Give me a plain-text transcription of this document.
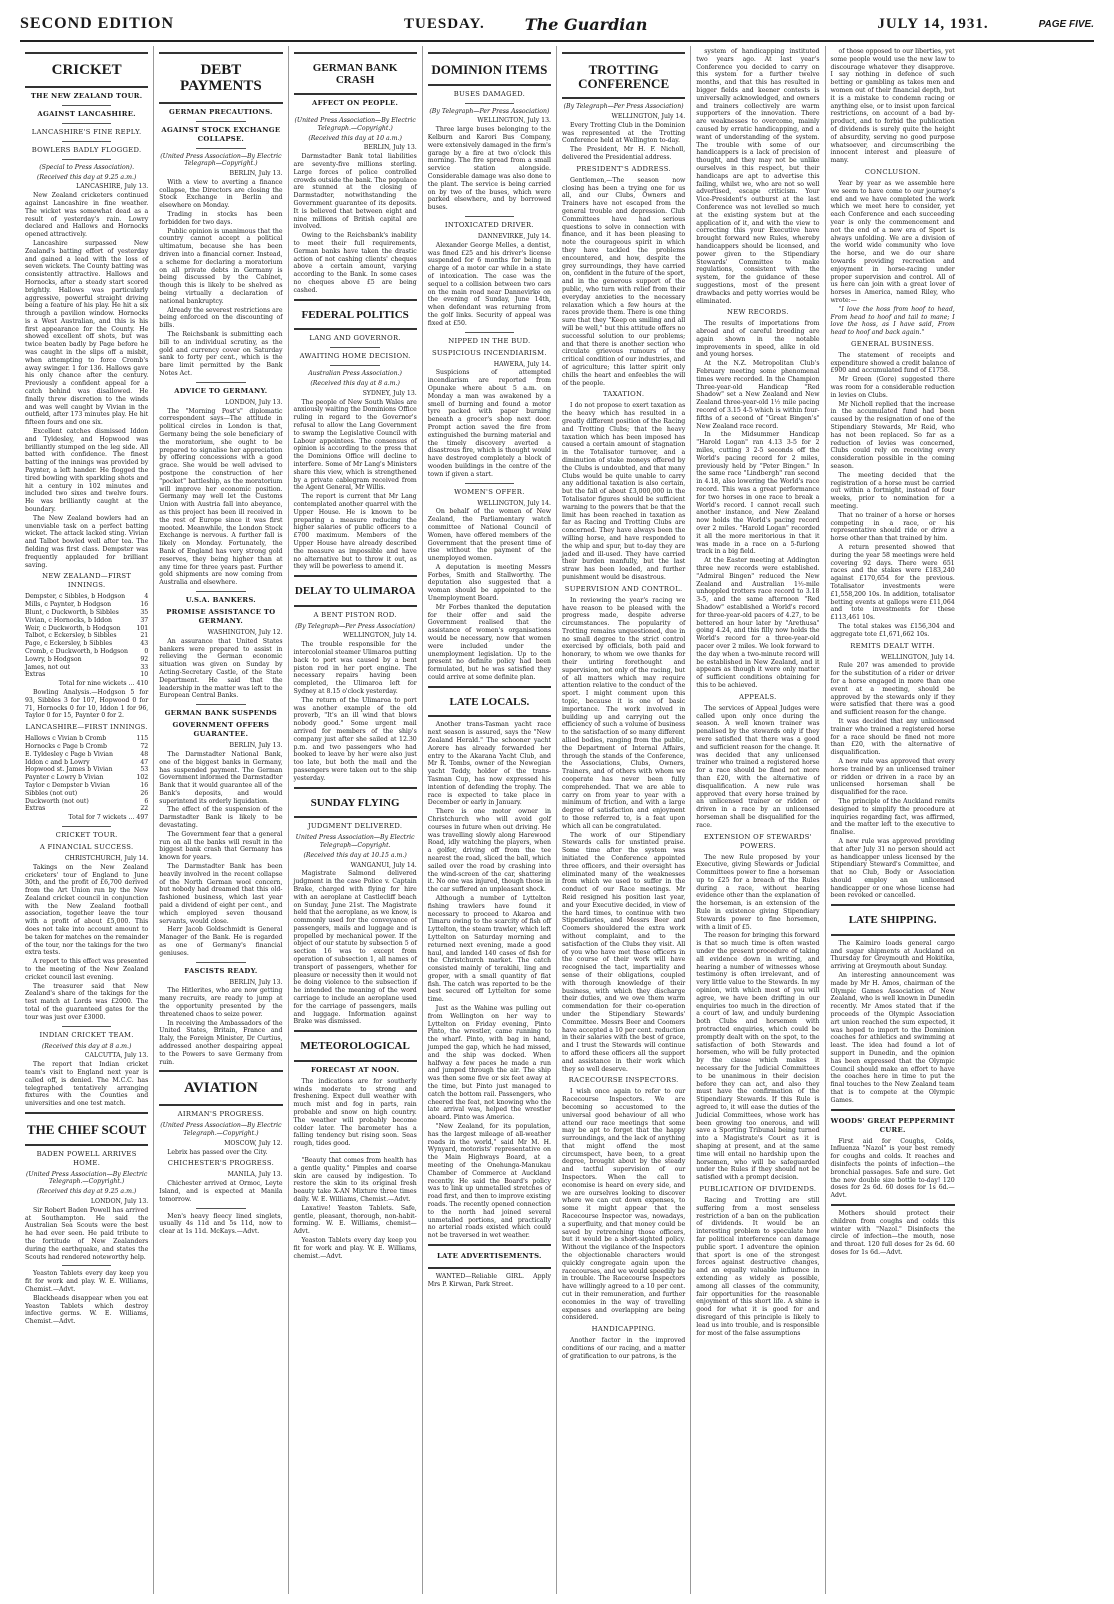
SECOND EDITION	TUESDAY.	The Guardian	JULY 14, 1931.	PAGE FIVE.
CRICKET
THE NEW ZEALAND TOUR.
AGAINST LANCASHIRE.
LANCASHIRE'S FINE REPLY.
BOWLERS BADLY FLOGGED.
(Special to Press Association).
(Received this day at 9.25 a.m.)
LANCASHIRE, July 13.

New Zealand cricketers continued against Lancashire in fine weather. The wicket was somewhat dead as a result of yesterday's rain. Lowry declared and Hallows and Hornocks opened attractively.

Lancashire surpassed New Zealand's batting effort of yesterday and gained a lead with the loss of seven wickets. The County batting was consistently attractive. Hallows and Hornocks, after a steady start scored brightly. Hallows was particularly aggressive, powerful straight driving being a feature of his play. He hit a six through a pavilion window. Hornocks is a West Australian, and this is his first appearance for the County. He showed excellent off shots, but was twice beaten badly by Page before he was caught in the slips off a misbit, when attempting to force Cromb's away swinger. 1 for 136. Hallows gave his only chance after the century. Previously a confident appeal for a catch behind was disallowed. He finally threw discretion to the winds and was well caught by Vivian in the outfield, after 173 minutes play. He hit fifteen fours and one six.

Excellent catches dismissed Iddon and Tyldesley, and Hopwood was brilliantly stumped on the leg side. All batted with confidence. The finest batting of the innings was provided by Paynter, a left hander. He flogged the tired bowling with sparkling shots and hit a century in 102 minutes and included two sixes and twelve fours. He was brilliantly caught at the boundary.

The New Zealand bowlers had an unenviable task on a perfect batting wicket. The attack lacked sting. Vivian and Talbot bowled well after tea. The fielding was first class. Dempster was frequently applauded for brilliant saving.

NEW ZEALAND—FIRST INNINGS.
Dempster, c Sibbles, b Hodgson	4
Mills, c Paynter, b Hodgson	16
Blunt, c Duckworth, b Sibbles	35
Vivian, c Hornocks, b Iddon	37
Weir, c Duckworth, b Hodgson	101
Talbot, c Eckersley, b Sibbles	21
Page, c Eckersley, b Sibbles	43
Cromb, c Duckworth, b Hodgson	0
Lowry, b Hodgson	92
James, not out	33
Extras	10
Total for nine wickets ... 410

Bowling Analysis.—Hodgson 5 for 93, Sibbles 3 for 107, Hopwood 0 for 71, Hornocks 0 for 10, Iddon 1 for 96, Taylor 0 for 15, Paynter 0 for 2.

LANCASHIRE—FIRST INNINGS.
Hallows c Vivian b Cromb	115
Hornocks c Page b Cromb	72
E. Tyldesley c Page b Vivian	48
Iddon c and b Lowry	47
Hopwood st. James b Vivian	53
Paynter c Lowry b Vivian	102
Taylor c Dempster b Vivian	16
Sibbles (not out)	26
Duckworth (not out)	6
Extras	22
Total for 7 wickets ... 497
CRICKET TOUR.
A FINANCIAL SUCCESS.
CHRISTCHURCH, July 14.

Takings on the New Zealand cricketers' tour of England to June 30th, and the profit of £6,700 derived from the Art Union run by the New Zealand cricket council in conjunction with the New Zealand football association, together leave the tour with a profit of about £5,000. This does not take into account amount to be taken for matches on the remainder of the tour, nor the takings for the two extra tests.

A report to this effect was presented to the meeting of the New Zealand cricket council last evening.

The treasurer said that New Zealand's share of the takings for the test match at Lords was £2000. The total of the guaranteed gates for the tour was just over £3000.

INDIAN CRICKET TEAM.
(Received this day at 8 a.m.)
CALCUTTA, July 13.

The report that Indian cricket team's visit to England next year is called off, is denied. The M.C.C. has telegraphed tentatively arranging fixtures with the Counties and universities and one test match.

THE CHIEF SCOUT
BADEN POWELL ARRIVES HOME.
(United Press Association—By Electric Telegraph.—Copyright.)
(Received this day at 9.25 a.m.)
LONDON, July 13.

Sir Robert Baden Powell has arrived at Southampton. He said the Australian Sea Scouts were the best he had ever seen. He paid tribute to the fortitude of New Zealanders during the earthquake, and states the Scouts had rendered noteworthy help.

Yeaston Tablets every day keep you fit for work and play. W. E. Williams, Chemist.—Advt.

Blackheads disappear when you eat Yeaston Tablets which destroy infective germs. W. E. Williams, Chemist.—Advt.

DEBT PAYMENTS
GERMAN PRECAUTIONS.
AGAINST STOCK EXCHANGE COLLAPSE.
(United Press Association—By Electric Telegraph—Copyright.)
BERLIN, July 13.

With a view to averting a finance collapse, the Directors are closing the Stock Exchange in Berlin and elsewhere on Monday.

Trading in stocks has been forbidden for two days.

Public opinion is unanimous that the country cannot accept a political ultimatum, because she has been driven into a financial corner. Instead, a scheme for declaring a moratorium on all private debts in Germany is being discussed by the Cabinet, though this is likely to be shelved as being virtually a declaration of national bankruptcy.

Already the severest restrictions are being enforced on the discounting of bills.

The Reichsbank is submitting each bill to an individual scrutiny, as the gold and currency cover on Saturday sank to forty per cent., which is the bare limit permitted by the Bank Notes Act.

ADVICE TO GERMANY.
LONDON, July 13.

The "Morning Post's" diplomatic correspondent says—The attitude in political circles in London is that, Germany being the sole beneficiary of the moratorium, she ought to be prepared to signalise her appreciation by offering concessions with a good grace. She would be well advised to postpone the construction of her "pocket" battleship, as the moratorium will improve her economic position. Germany may well let the Customs Union with Austria fall into abeyance, as this project has been ill received in the rest of Europe since it was first mooted. Meanwhile, the London Stock Exchange is nervous. A further fall is likely on Monday. Fortunately, the Bank of England has very strong gold reserves, they being higher than at any time for three years past. Further gold shipments are now coming from Australia and elsewhere.

U.S.A. BANKERS.
PROMISE ASSISTANCE TO GERMANY.
WASHINGTON, July 12.

An assurance that United States bankers were prepared to assist in relieving the German economic situation was given on Sunday by Acting-Secretary Castle, of the State Department. He said that the leadership in the matter was left to the European Central Banks.

GERMAN BANK SUSPENDS
GOVERNMENT OFFERS GUARANTEE.
BERLIN, July 13.

The Darmstadter National Bank, one of the biggest banks in Germany, has suspended payment. The German Government informed the Darmstadter Bank that it would guarantee all of the Bank's deposits, and would superintend its orderly liquidation.

The effect of the suspension of the Darmstadter Bank is likely to be devastating.

The Government fear that a general run on all the banks will result in the biggest bank crash that Germany has known for years.

The Darmstadter Bank has been heavily involved in the recent collapse of the North German wool concern, but nobody had dreamed that this old-fashioned business, which last year paid a dividend of eight per cent., and which employed seven thousand servants, would close.

Herr Jacob Goldschmidt is General Manager of the Bank. He is regarded as one of Germany's financial geniuses.

FASCISTS READY.
BERLIN, July 13.

The Hitlerites, who are now getting many recruits, are ready to jump at the opportunity presented by the threatened chaos to seize power.

In receiving the Ambassadors of the United States, Britain, France and Italy, the Foreign Minister, Dr Curtius, addressed another despairing appeal to the Powers to save Germany from ruin.

AVIATION
AIRMAN'S PROGRESS.
(United Press Association—By Electric Telegraph.—Copyright.)
MOSCOW, July 12.

Lebrix has passed over the City.

CHICHESTER'S PROGRESS.
MANILA, July 13.

Chichester arrived at Ormoc, Leyte Island, and is expected at Manila tomorrow.

Men's heavy fleecy lined singlets, usually 4s 11d and 5s 11d, now to clear at 1s 11d. McKays.—Advt.

GERMAN BANK CRASH
AFFECT ON PEOPLE.
(United Press Association—By Electric Telegraph.—Copyright.)
(Received this day at 10 a.m.)
BERLIN, July 13.

Darmstadter Bank total liabilities are seventy-five millions sterling. Large forces of police controlled crowds outside the bank. The populace are stunned at the closing of Darmstadter, notwithstanding the Government guarantee of its deposits. It is believed that between eight and nine millions of British capital are involved.

Owing to the Reichsbank's inability to meet their full requirements, German banks have taken the drastic action of not cashing clients' cheques above a certain amount, varying according to the Bank. In some cases no cheques above £5 are being cashed.

FEDERAL POLITICS
LANG AND GOVERNOR.
AWAITING HOME DECISION.
Australian Press Association.)
(Received this day at 8 a.m.)
SYDNEY, July 13.

The people of New South Wales are anxiously waiting the Dominions Office ruling in regard to the Governor's refusal to allow the Lang Government to swamp the Legislative Council with Labour appointees. The consensus of opinion is according to the press that the Dominions Office will decline to interfere. Some of Mr Lang's Ministers share this view, which is strengthened by a private cablegram received from the Agent General, Mr Willis.

The report is current that Mr Lang contemplated another quarrel with the Upper House. He is known to be preparing a measure reducing the higher salaries of public officers to a £700 maximum. Members of the Upper House have already described the measure as impossible and have no alternative but to throw it out, as they will be powerless to amend it.

DELAY TO ULIMAROA
A BENT PISTON ROD.
(By Telegraph—Per Press Association)
WELLINGTON, July 14.

The trouble responsible for the intercolonial steamer Ulimaroa putting back to port was caused by a bent piston rod in her port engine. The necessary repairs having been completed, the Ulimaroa left for Sydney at 8.15 o'clock yesterday.

The return of the Ulimaroa to port was another example of the old proverb, "It's an ill wind that blows nobody good." Some urgent mail arrived for members of the ship's company just after she sailed at 12.30 p.m. and two passengers who had booked to leave by her were also just too late, but both the mail and the passengers were taken out to the ship yesterday.

SUNDAY FLYING
JUDGMENT DELIVERED.
United Press Association—By Electric Telegraph—Copyright.
(Received this day at 10.15 a.m.)
WANGANUI, July 14.

Magistrate Salmond delivered judgment in the case Police v. Captain Brake, charged with flying for hire with an aeroplane at Castlecliff beach on Sunday, June 21st. The Magistrate held that the aeroplane, as we know, is commonly used for the conveyance of passengers, mails and luggage and is propelled by mechanical power. If the object of our statute by subsection 5 of section 16 was to except from operation of subsection 1, all names of transport of passengers, whether for pleasure or necessity then it would not be doing violence to the subsection if he intended the meaning of the word carriage to include an aeroplane used for the carriage of passengers, mails and luggage. Information against Brake was dismissed.

METEOROLOGICAL
FORECAST AT NOON.

The indications are for southerly winds moderate to strong and freshening. Expect dull weather with much mist and fog in parts, rain probable and snow on high country. The weather will probably become colder later. The barometer has a falling tendency but rising soon. Seas rough, tides good.

"Beauty that comes from health has a gentle quality." Pimples and coarse skin are caused by indigestion. To restore the skin to its original fresh beauty take X-AN Mixture three times daily. W. E. Williams, Chemist.—Advt.

Laxative! Yeaston Tablets. Safe, gentle, pleasant, thorough, non-habit-forming. W. E. Williams, chemist—Advt.

Yeaston Tablets every day keep you fit for work and play. W. E. Williams, chemist.—Advt.

DOMINION ITEMS
BUSES DAMAGED.
(By Telegraph—Per Press Association)
WELLINGTON, July 13.

Three large buses belonging to the Kelburn and Karori Bus Company, were extensively damaged in the firm's garage by a fire at two o'clock this morning. The fire spread from a small service station alongside. Considerable damage was also done to the plant. The service is being carried on by two of the buses, which were parked elsewhere, and by borrowed buses.

INTOXICATED DRIVER.
DANNEVIRKE, July 14.

Alexander George Melles, a dentist, was fined £25 and his driver's license suspended for 6 months for being in charge of a motor car while in a state of intoxication. The case was the sequel to a collision between two cars on the main road near Dannevirke on the evening of Sunday, June 14th, when defendant was returning from the golf links. Security of appeal was fixed at £50.

NIPPED IN THE BUD.
SUSPICIOUS INCENDIARISM.
HAWERA, July 14.

Suspicions of attempted incendiarism are reported from Opunake where about 5 a.m. on Monday a man was awakened by a smell of burning and found a motor tyre packed with paper burning beneath a grocer's shop next door. Prompt action saved the fire from extinguished the burning material and the timely discovery averted a disastrous fire, which is thought would have destroyed completely a block of wooden buildings in the centre of the town if given a start.

WOMEN'S OFFER.
WELLINGTON, July 14.

On behalf of the women of New Zealand, the Parliamentary watch committee of National Council of Women, have offered members of the Government that the present time of rise without the payment of the unemployed women.

A deputation is meeting Messrs Forbes, Smith and Stallworthy. The deputation also suggested that a woman should be appointed to the Unemployment Board.

Mr Forbes thanked the deputation for their offer and said the Government realised that the assistance of women's organisations would be necessary, now that women were included under the unemployment legislation. Up to the present no definite policy had been formulated, but he was satisfied they could arrive at some definite plan.

LATE LOCALS.

Another trans-Tasman yacht race next season is assured, says the "New Zealand Herald." The schooner yacht Aorere has already forwarded her entry to the Akarana Yacht Club, and Mr R. Tombs, owner of the Newegian yacht Teddy, holder of the trans-Tasman Cup, has now expressed his intention of defending the trophy. The race is expected to take place in December or early in January.

There is one motor owner in Christchurch who will avoid golf courses in future when out driving. He was travelling slowly along Harewood Road, idly watching the players, when a golfer, driving off from the tee nearest the road, sliced the ball, which sailed over the road by crashing into the wind-screen of the car, shattering it. No one was injured, though those in the car suffered an unpleasant shock.

Although a number of Lyttelton fishing trawlers have found it necessary to proceed to Akaroa and Timaru owing to the scarcity of fish off Lyttelton, the steam trawler, which left Lyttelton on Saturday morning and returned next evening, made a good haul, and landed 140 cases of fish for the Christchurch market. The catch consisted mainly of terakihi, ling and groper, with a small quantity of flat fish. The catch was reported to be the best secured off Lyttelton for some time.

Just as the Wahine was pulling out from Wellington on her way to Lyttelton on Friday evening, Pinto Pinto, the wrestler, came running to the wharf. Pinto, with bag in hand, jumped the gap, which he had missed, and the ship was docked. When halfway a few paces he made a run and jumped through the air. The ship was then some five or six feet away at the time, but Pinto just managed to catch the bottom rail. Passengers, who cheered the feat, not knowing who the late arrival was, helped the wrestler aboard. Pinto was America.

"New Zealand, for its population, has the largest mileage of all-weather roads in the world," said Mr M. H. Wynyard, motorists' representative on the Main Highways Board, at a meeting of the Onehunga-Manukau Chamber of Commerce at Auckland recently. He said the Board's policy was to link up unmetalled stretches of road first, and then to improve existing roads. The recently opened connection to the north had joined several unmetalled portions, and practically no arterial roads existed which could not be traversed in wet weather.

LATE ADVERTISEMENTS.

WANTED—Reliable GIRL. Apply Mrs P. Kirwan, Park Street.

TROTTING CONFERENCE
(By Telegraph—Per Press Association)
WELLINGTON, July 14.

Every Trotting Club in the Dominion was represented at the Trotting Conference held at Wellington to-day.

The President, Mr H. F. Nicholl, delivered the Presidential address.

PRESIDENT'S ADDRESS.

Gentlemen,—The season now closing has been a trying one for us all, and our Clubs, Owners and Trainers have not escaped from the general trouble and depression. Club Committees have had serious questions to solve in connection with finance, and it has been pleasing to note the courageous spirit in which they have tackled the problems encountered, and how, despite the grey surroundings, they have carried on, confident in the future of the sport, and in the generous support of the public, who turn with relief from their everyday anxieties to the necessary relaxation which a few hours at the races provide them. There is one thing sure that they "Keep on smiling and all will be well," but this attitude offers no successful solution to our problems; and that there is another section who circulate grievous rumours of the critical condition of our industries, and of agriculture; this latter spirit only chills the heart and enfeebles the will of the people.

TAXATION.

I do not propose to exert taxation as the heavy which has resulted in a greatly different position of the Racing and Trotting Clubs; that the heavy taxation which has been imposed has caused a certain amount of stagnation in the Totalisator turnover, and a diminution of stake moneys offered by the Clubs is undoubted, and that many Clubs would be quite unable to carry any additional taxation is also certain, but the fall of about £3,000,000 in the Totalisator figures should be sufficient warning to the powers that be that the limit has been reached in taxation as far as Racing and Trotting Clubs are concerned. They have always been the willing horse, and have responded to the whip and spur, but to-day they are jaded and ill-used. They have carried their burden manfully, but the last straw has been loaded, and further punishment would be disastrous.

SUPERVISION AND CONTROL.

In reviewing the year's racing we have reason to be pleased with the progress made, despite adverse circumstances. The popularity of Trotting remains unquestioned, due in no small degree to the strict control exercised by officials, both paid and honorary, to whom we owe thanks for their untiring forethought and supervision, not only of the racing, but of all matters which may require attention relative to the conduct of the sport. I might comment upon this topic, because it is one of basic importance. The work involved in building up and carrying out the efficiency of such a volume of business to the satisfaction of so many different allied bodies, ranging from the public, the Department of Internal Affairs, through the stands of the Conference, the Associations, Clubs, Owners, Trainers, and of others with whom we cooperate has never been fully comprehended. That we are able to carry on from year to year with a minimum of friction, and with a large degree of satisfaction and enjoyment to those referred to, is a feat upon which all can be congratulated.

The work of our Stipendiary Stewards calls for unstinted praise. Some time after the system was initiated the Conference appointed three officers, and their oversight has eliminated many of the weaknesses from which we used to suffer in the conduct of our Race meetings. Mr Reid resigned his position last year, and your Executive decided, in view of the hard times, to continue with two Stipendiaries, and Messrs Beer and Coomers shouldered the extra work without complaint, and to the satisfaction of the Clubs they visit. All of you who have met these officers in the course of their work will have recognised the tact, impartiality and sense of their obligations, coupled with thorough knowledge of their business, with which they discharge their duties, and we owe them warm commendation for their co-operation under the Stipendiary Stewards' Committee. Messrs Beer and Coomers have accepted a 10 per cent. reduction in their salaries with the best of grace, and I trust the Stewards will continue to afford these officers all the support and assistance in their work which they so well deserve.

RACECOURSE INSPECTORS.

I wish once again to refer to our Racecourse Inspectors. We are becoming so accustomed to the universal good behaviour of all who attend our race meetings that some may be apt to forget that the happy surroundings, and the lack of anything that might offend the most circumspect, have been, to a great degree, brought about by the steady and tactful supervision of our Inspectors. When the call to economise is heard on every side, and we are ourselves looking to discover where we can cut down expenses, to some it might appear that the Racecourse Inspector was, nowadays, a superfluity, and that money could be saved by retrenching those officers, but it would be a short-sighted policy. Without the vigilance of the Inspectors the objectionable characters would quickly congregate again upon the racecourses, and we would speedily be in trouble. The Racecourse Inspectors have willingly agreed to a 10 per cent. cut in their remuneration, and further economies in the way of travelling expenses and overlapping are being considered.

HANDICAPPING.

Another factor in the improved conditions of our racing, and a matter of gratification to our patrons, is the

system of handicapping instituted two years ago. At last year's Conference you decided to carry on this system for a further twelve months, and that this has resulted in bigger fields and keener contests is universally acknowledged, and owners and trainers collectively are warm supporters of the innovation. There are weaknesses to overcome, mainly caused by erratic handicapping, and a want of understanding of the system. The trouble with some of our handicappers is a lack of precision of thought, and they may not be unlike ourselves in this respect, but their handicaps are apt to advertise this failing, whilst we, who are not so well advertised, escape criticism. Your Vice-President's outburst at the last Conference was not levelled so much at the existing system but at the application of it, and with the view to correcting this your Executive have brought forward new Rules, whereby handicappers should be licensed, and power given to the Stipendiary Stewards' Committee to make regulations, consistent with the system, for the guidance of these suggestions, most of the present drawbacks and petty worries would be eliminated.

NEW RECORDS.

The results of importations from abroad and of careful breeding are again shown in the notable improvements in speed, alike in old and young horses.

At the N.Z. Metropolitan Club's February meeting some phenomenal times were recorded. In the Champion Three-year-old Handicap "Red Shadow" set a New Zealand and New Zealand three-year-old 1½ mile pacing record of 3.15 4-5 which is within four-fifths of a second of "Great Bingen's" New Zealand race record.

In the Midsummer Handicap "Harold Logan" ran 4.13 3-5 for 2 miles, cutting 3 2-5 seconds off the World's pacing record for 2 miles, previously held by "Peter Bingen." In the same race "Lindbergh" ran second in 4.18, also lowering the World's race record. This was a great performance for two horses in one race to break a World's record. I cannot recall such another instance, and New Zealand now holds the World's pacing record over 2 miles. "Harold Logan" recorded it all the more meritorious in that it was made in a race on a 5-furlong track in a big field.

At the Easter meeting at Addington three new records were established. "Admiral Bingen" reduced the New Zealand and Australian 1½-mile unhoppled trotters race record to 3.18 3-5, and the same afternoon "Red Shadow" established a World's record for three-year-old pacers of 4.27, to be bettered an hour later by "Arethusa" going 4.24, and this filly now holds the World's record for a three-year-old pacer over 2 miles. We look forward to the day when a two-minute record will be established in New Zealand, and it appears as though it were only matter of sufficient conditions obtaining for this to be achieved.

APPEALS.

The services of Appeal Judges were called upon only once during the season. A well known trainer was penalised by the stewards only if they were satisfied that there was a good and sufficient reason for the change. It was decided that any unlicensed trainer who trained a registered horse for a race should be fined not more than £20, with the alternative of disqualification. A new rule was approved that every horse trained by an unlicensed trainer or ridden or driven in a race by an unlicensed horseman shall be disqualified for the race.

EXTENSION OF STEWARDS' POWERS.

The new Rule proposed by your Executive, giving Stewards or Judicial Committees power to fine a horseman up to £25 for a breach of the Rules during a race, without hearing evidence other than the explanation of the horseman, is an extension of the Rule in existence giving Stipendiary Stewards power to fine horsemen, with a limit of £5.

The reason for bringing this forward is that so much time is often wasted under the present procedure of taking all evidence down in writing, and hearing a number of witnesses whose testimony is often irrelevant, and of very little value to the Stewards. In my opinion, with which most of you will agree, we have been drifting in our enquiries too much in the direction of a court of law, and unduly burdening both Clubs and horsemen with protracted enquiries, which could be promptly dealt with on the spot, to the satisfaction of both Stewards and horsemen, who will be fully protected by the clause which makes it necessary for the Judicial Committees to be unanimous in their decision before they can act, and also they must have the confirmation of the Stipendiary Stewards. If this Rule is agreed to, it will ease the duties of the Judicial Committees, whose work has been growing too onerous, and will save a Sporting Tribunal being turned into a Magistrate's Court as it is shaping at present, and at the same time will entail no hardship upon the horsemen, who will be safeguarded under the Rules if they should not be satisfied with a prompt decision.

PUBLICATION OF DIVIDENDS.

Racing and Trotting are still suffering from a most senseless restriction of a ban on the publication of dividends. It would be an interesting problem to speculate how far political interference can damage public sport. I adventure the opinion that sport is one of the strongest forces against destructive changes, and an equally valuable influence in extending as widely as possible, among all classes of the community, fair opportunities for the reasonable enjoyment of this short life. A shine is good for what it is good for and disregard of this principle is likely to lead us into trouble, and is responsible for most of the false assumptions

of those opposed to our liberties, yet some people would use the new law to discourage whatever they disapprove. I say nothing in defence of such betting or gambling as takes men and women out of their financial depth, but it is a mistake to condemn racing or anything else, or to insist upon farcical restrictions, on account of a bad by-product, and to forbid the publication of dividends is surely quite the height of absurdity, serving no good purpose whatsoever, and circumscribing the innocent interest and pleasure of many.

CONCLUSION.

Year by year as we assemble here we seem to have come to our journey's end and we have completed the work which we meet here to consider, yet each Conference and each succeeding year is only the commencement and not the end of a new era of Sport is always unfolding. We are a division of the world wide community who love the horse, and we do our share towards providing recreation and enjoyment in horse-racing under proper supervision and control. All of us here can join with a great lover of horses in America, named Riley, who wrote:—

"I love the hoss from hoof to head, From head to hoof and tail to mane; I love the hoss, as I have said, From head to hoof and back again."

GENERAL BUSINESS.

The statement of receipts and expenditure showed a credit balance of £900 and accumulated fund of £1758.

Mr Green (Gore) suggested there was room for a considerable reduction in levies on Clubs.

Mr Nicholl replied that the increase in the accumulated fund had been caused by the resignation of one of the Stipendiary Stewards, Mr Reid, who has not been replaced. So far as a reduction of levies was concerned, Clubs could rely on receiving every consideration possible in the coming season.

The meeting decided that the registration of a horse must be carried out within a fortnight, instead of four weeks, prior to nomination for a meeting.

That no trainer of a horse or horses competing in a race, or his representative should ride or drive a horse other than that trained by him.

A return presented showed that during the year 58 meetings were held covering 92 days. There were 651 races and the stakes were £183,240 against £170,654 for the previous. Totalisator investments were £1,558,200 10s. In addition, totalisator betting events at gallops were £11,064 and tote investments for these £113,461 10s.

The total stakes was £156,304 and aggregate tote £1,671,662 10s.

REMITS DEALT WITH.
WELLINGTON, July 14.

Rule 207 was amended to provide for the substitution of a rider or driver for a horse engaged in more than one event at a meeting, should be approved by the stewards only if they were satisfied that there was a good and sufficient reason for the change.

It was decided that any unlicensed trainer who trained a registered horse for a race should be fined not more than £20, with the alternative of disqualification.

A new rule was approved that every horse trained by an unlicensed trainer or ridden or driven in a race by an unlicensed horseman shall be disqualified for the race.

The principle of the Auckland remits designed to simplify the procedure at inquiries regarding fact, was affirmed, and the matter left to the executive to finalise.

A new rule was approved providing that after July 31 no person should act as handicapper unless licensed by the Stipendiary Steward's Committee, and that no Club, Body or Association should employ an unlicensed handicapper or one whose license had been revoked or cancelled.

LATE SHIPPING.

The Kaimiro loads general cargo and sugar shipments at Auckland on Thursday for Greymouth and Hokitika, arriving at Greymouth about Sunday.

An interesting announcement was made by Mr H. Amos, chairman of the Olympic Games Association of New Zealand, who is well known in Dunedin recently. Mr Amos stated that if the proceeds of the Olympic Association art union reached the sum expected, it was hoped to import to the Dominion coaches for athletics and swimming at least. The idea had found a lot of support in Dunedin, and the opinion has been expressed that the Olympic Council should make an effort to have the coaches here in time to put the final touches to the New Zealand team that is to compete at the Olympic Games.

WOODS' GREAT PEPPERMINT CURE.

First aid for Coughs, Colds, Influenza "Nazol" is your best remedy for coughs and colds. It reaches and disinfects the points of infection—the bronchial passages. Safe and sure. Get the new double size bottle to-day! 120 doses for 2s 6d. 60 doses for 1s 6d.—Advt.

Mothers should protect their children from coughs and colds this winter with "Nazol." Disinfects the circle of infection—the mouth, nose and throat. 120 full doses for 2s 6d. 60 doses for 1s 6d.—Advt.
